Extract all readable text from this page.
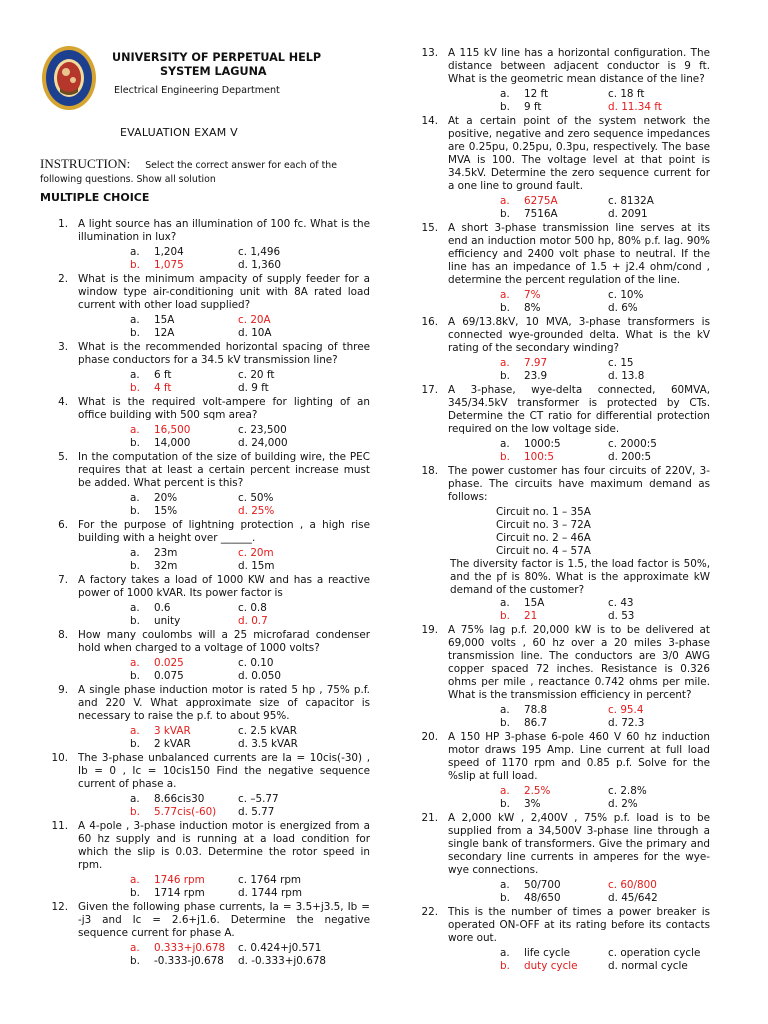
UNIVERSITY OF PERPETUAL HELP
SYSTEM LAGUNA
Electrical Engineering Department
EVALUATION EXAM V
INSTRUCTION: Select the correct answer for each of the following questions. Show all solution
MULTIPLE CHOICE
1. A light source has an illumination of 100 fc. What is the illumination in lux?
a.	1,204	c. 1,496
b.	1,075	d. 1,360
2. What is the minimum ampacity of supply feeder for a window type air-conditioning unit with 8A rated load current with other load supplied?
a.	15A	c. 20A
b.	12A	d. 10A
3. What is the recommended horizontal spacing of three phase conductors for a 34.5 kV transmission line?
a.	6 ft	c. 20 ft
b.	4 ft	d. 9 ft
4. What is the required volt-ampere for lighting of an office building with 500 sqm area?
a.	16,500	c. 23,500
b.	14,000	d. 24,000
5. In the computation of the size of building wire, the PEC requires that at least a certain percent increase must be added. What percent is this?
a.	20%	c. 50%
b.	15%	d. 25%
6. For the purpose of lightning protection , a high rise building with a height over ______.
a.	23m	c. 20m
b.	32m	d. 15m
7. A factory takes a load of 1000 KW and has a reactive power of 1000 kVAR. Its power factor is
a.	0.6	c. 0.8
b.	unity	d. 0.7
8. How many coulombs will a 25 microfarad condenser hold when charged to a voltage of 1000 volts?
a.	0.025	c. 0.10
b.	0.075	d. 0.050
9. A single phase induction motor is rated 5 hp , 75% p.f. and 220 V. What approximate size of capacitor is necessary to raise the p.f. to about 95%.
a.	3 kVAR	c. 2.5 kVAR
b.	2 kVAR	d. 3.5 kVAR
10. The 3-phase unbalanced currents are Ia = 10cis(-30) , Ib = 0 , Ic = 10cis150 Find the negative sequence current of phase a.
a.	8.66cis30	c. –5.77
b.	5.77cis(-60) d. 5.77
11. A 4-pole , 3-phase induction motor is energized from a 60 hz supply and is running at a load condition for which the slip is 0.03. Determine the rotor speed in rpm.
a.	1746 rpm	c. 1764 rpm
b.	1714 rpm	d. 1744 rpm
12. Given the following phase currents, Ia = 3.5+j3.5, Ib = -j3 and Ic = 2.6+j1.6. Determine the negative sequence current for phase A.
a.	0.333+j0.678 c. 0.424+j0.571
b.	-0.333-j0.678 d. -0.333+j0.678
13. A 115 kV line has a horizontal configuration. The distance between adjacent conductor is 9 ft. What is the geometric mean distance of the line?
a.	12 ft	c. 18 ft
b.	9 ft	d. 11.34 ft
14. At a certain point of the system network the positive, negative and zero sequence impedances are 0.25pu, 0.25pu, 0.3pu, respectively. The base MVA is 100. The voltage level at that point is 34.5kV. Determine the zero sequence current for a one line to ground fault.
a.	6275A	c. 8132A
b.	7516A	d. 2091
15. A short 3-phase transmission line serves at its end an induction motor 500 hp, 80% p.f. lag. 90% efficiency and 2400 volt phase to neutral. If the line has an impedance of 1.5 + j2.4 ohm/cond , determine the percent regulation of the line.
a.	7%	c. 10%
b.	8%	d. 6%
16. A 69/13.8kV, 10 MVA, 3-phase transformers is connected wye-grounded delta. What is the kV rating of the secondary winding?
a.	7.97	c. 15
b.	23.9	d. 13.8
17. A 3-phase, wye-delta connected, 60MVA, 345/34.5kV transformer is protected by CTs. Determine the CT ratio for differential protection required on the low voltage side.
a.	1000:5	c. 2000:5
b.	100:5	d. 200:5
18. The power customer has four circuits of 220V, 3-phase. The circuits have maximum demand as follows:
Circuit no. 1 – 35A
Circuit no. 3 – 72A
Circuit no. 2 – 46A
Circuit no. 4 – 57A
The diversity factor is 1.5, the load factor is 50%, and the pf is 80%. What is the approximate kW demand of the customer?
a.	15A	c. 43
b.	21	d. 53
19. A 75% lag p.f. 20,000 kW is to be delivered at 69,000 volts , 60 hz over a 20 miles 3-phase transmission line. The conductors are 3/0 AWG copper spaced 72 inches. Resistance is 0.326 ohms per mile , reactance 0.742 ohms per mile. What is the transmission efficiency in percent?
a.	78.8	c. 95.4
b.	86.7	d. 72.3
20. A 150 HP 3-phase 6-pole 460 V 60 hz induction motor draws 195 Amp. Line current at full load speed of 1170 rpm and 0.85 p.f. Solve for the %slip at full load.
a.	2.5%	c. 2.8%
b.	3%	d. 2%
21. A 2,000 kW , 2,400V , 75% p.f. load is to be supplied from a 34,500V 3-phase line through a single bank of transformers. Give the primary and secondary line currents in amperes for the wye-wye connections.
a.	50/700	c. 60/800
b.	48/650	d. 45/642
22. This is the number of times a power breaker is operated ON-OFF at its rating before its contacts wore out.
a.	life cycle	c. operation cycle
b.	duty cycle	d. normal cycle
